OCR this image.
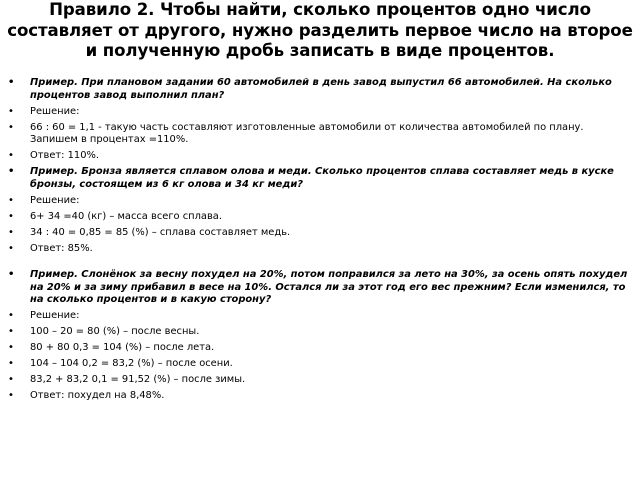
Правило 2. Чтобы найти, сколько процентов одно число составляет от другого, нужно разделить первое число на второе и полученную дробь записать в виде процентов.
• Пример. При плановом задании 60 автомобилей в день завод выпустил 66 автомобилей. На сколько процентов завод выполнил план?
• Решение:
• 66 : 60 = 1,1 - такую часть составляют изготовленные автомобили от количества автомобилей по плану. Запишем в процентах =110%.
• Ответ: 110%.
• Пример. Бронза является сплавом олова и меди. Сколько процентов сплава составляет медь в куске бронзы, состоящем из 6 кг олова и 34 кг меди?
• Решение:
• 6+ 34 =40 (кг) – масса всего сплава.
• 34 : 40 = 0,85 = 85 (%) – сплава составляет медь.
• Ответ: 85%.
• Пример. Слонёнок за весну похудел на 20%, потом поправился за лето на 30%, за осень опять похудел на 20% и за зиму прибавил в весе на 10%. Остался ли за этот год его вес прежним? Если изменился, то на сколько процентов и в какую сторону?
• Решение:
• 100 – 20 = 80 (%) – после весны.
• 80 + 80 0,3 = 104 (%) – после лета.
• 104 – 104 0,2 = 83,2 (%) – после осени.
• 83,2 + 83,2 0,1 = 91,52 (%) – после зимы.
• Ответ: похудел на 8,48%.
